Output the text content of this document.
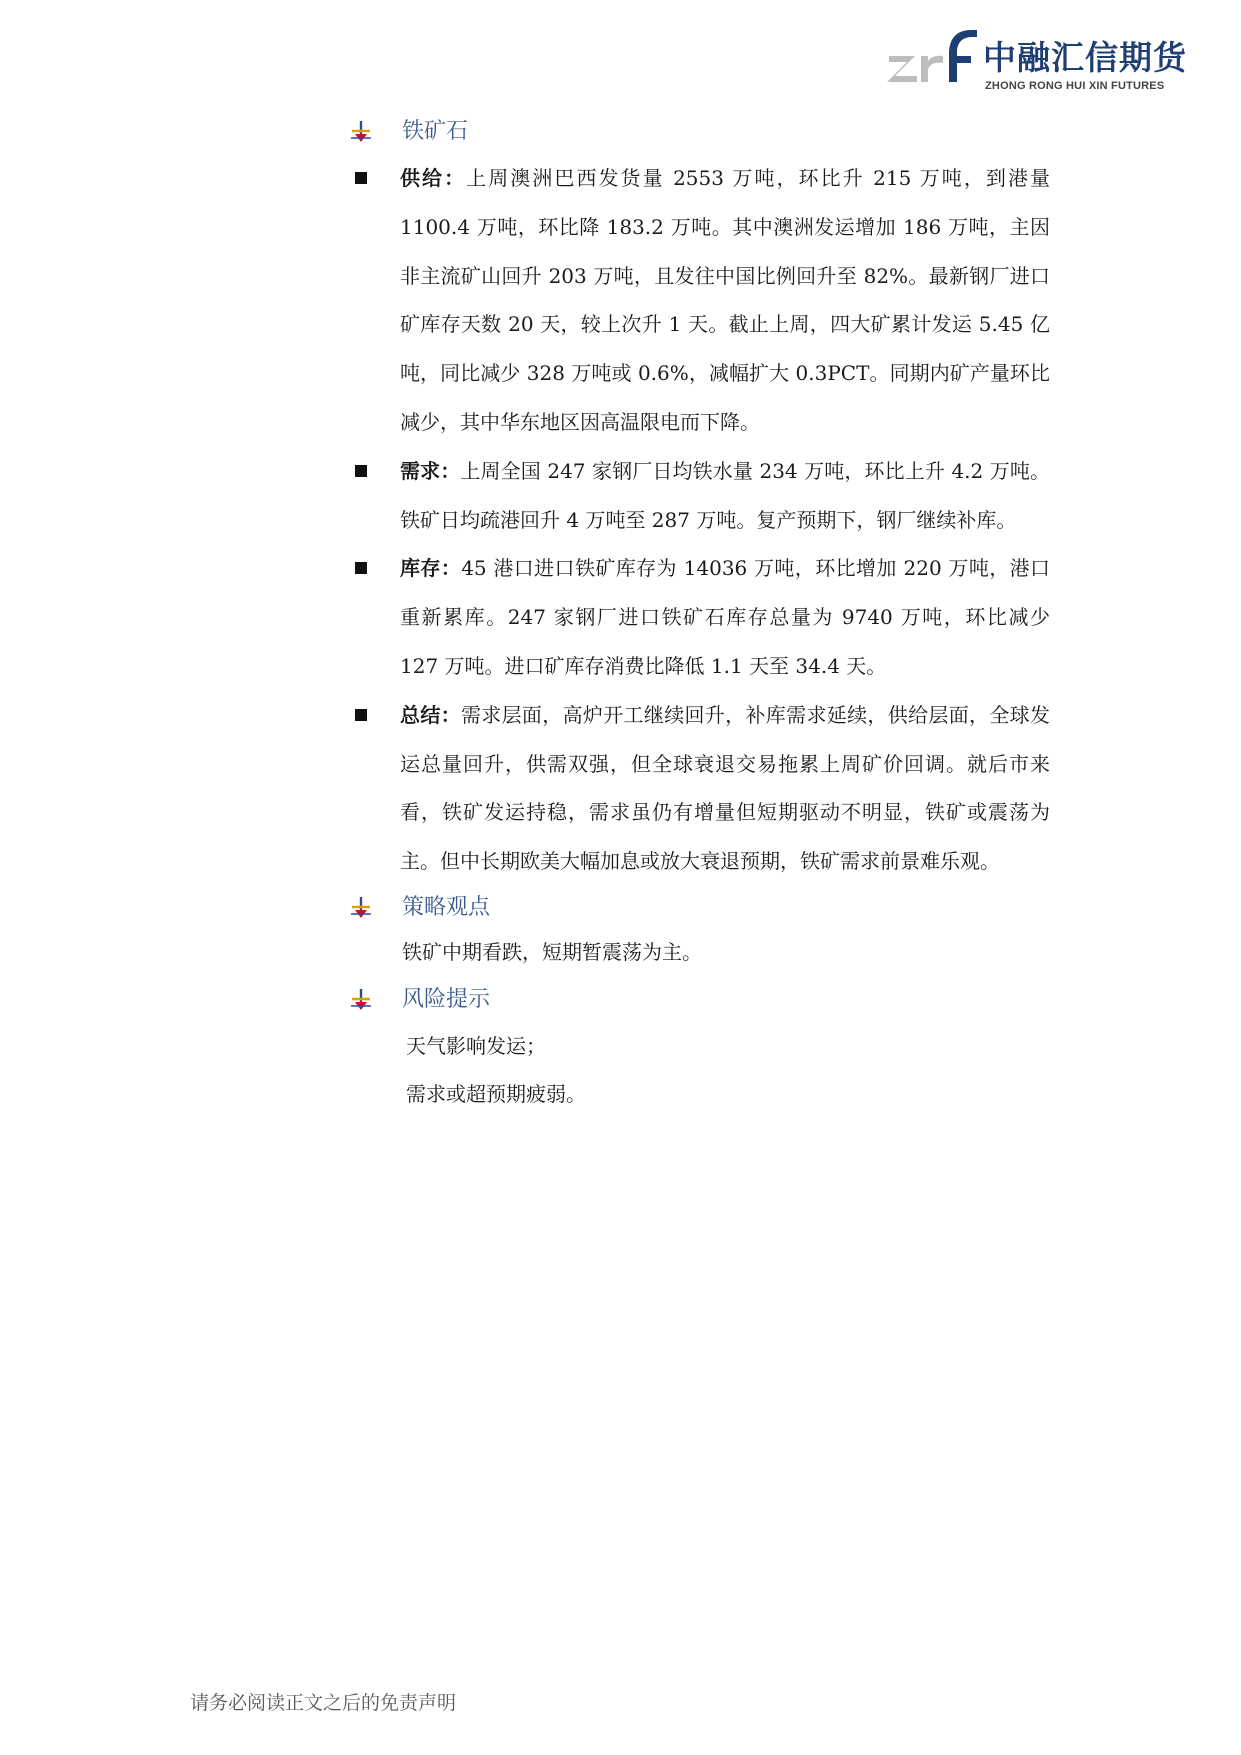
中融汇信期货
ZHONG RONG HUI XIN FUTURES
铁矿石
供给：上周澳洲巴西发货量 2553 万吨，环比升 215 万吨，到港量 1100.4 万吨，环比降 183.2 万吨。其中澳洲发运增加 186 万吨，主因非主流矿山回升 203 万吨，且发往中国比例回升至 82%。最新钢厂进口矿库存天数 20 天，较上次升 1 天。截止上周，四大矿累计发运 5.45 亿吨，同比减少 328 万吨或 0.6%，减幅扩大 0.3PCT。同期内矿产量环比减少，其中华东地区因高温限电而下降。
需求：上周全国 247 家钢厂日均铁水量 234 万吨，环比上升 4.2 万吨。铁矿日均疏港回升 4 万吨至 287 万吨。复产预期下，钢厂继续补库。
库存：45 港口进口铁矿库存为 14036 万吨，环比增加 220 万吨，港口重新累库。247 家钢厂进口铁矿石库存总量为 9740 万吨，环比减少 127 万吨。进口矿库存消费比降低 1.1 天至 34.4 天。
总结：需求层面，高炉开工继续回升，补库需求延续，供给层面，全球发运总量回升，供需双强，但全球衰退交易拖累上周矿价回调。就后市来看，铁矿发运持稳，需求虽仍有增量但短期驱动不明显，铁矿或震荡为主。但中长期欧美大幅加息或放大衰退预期，铁矿需求前景难乐观。
策略观点
铁矿中期看跌，短期暂震荡为主。
风险提示
天气影响发运；
需求或超预期疲弱。
请务必阅读正文之后的免责声明
